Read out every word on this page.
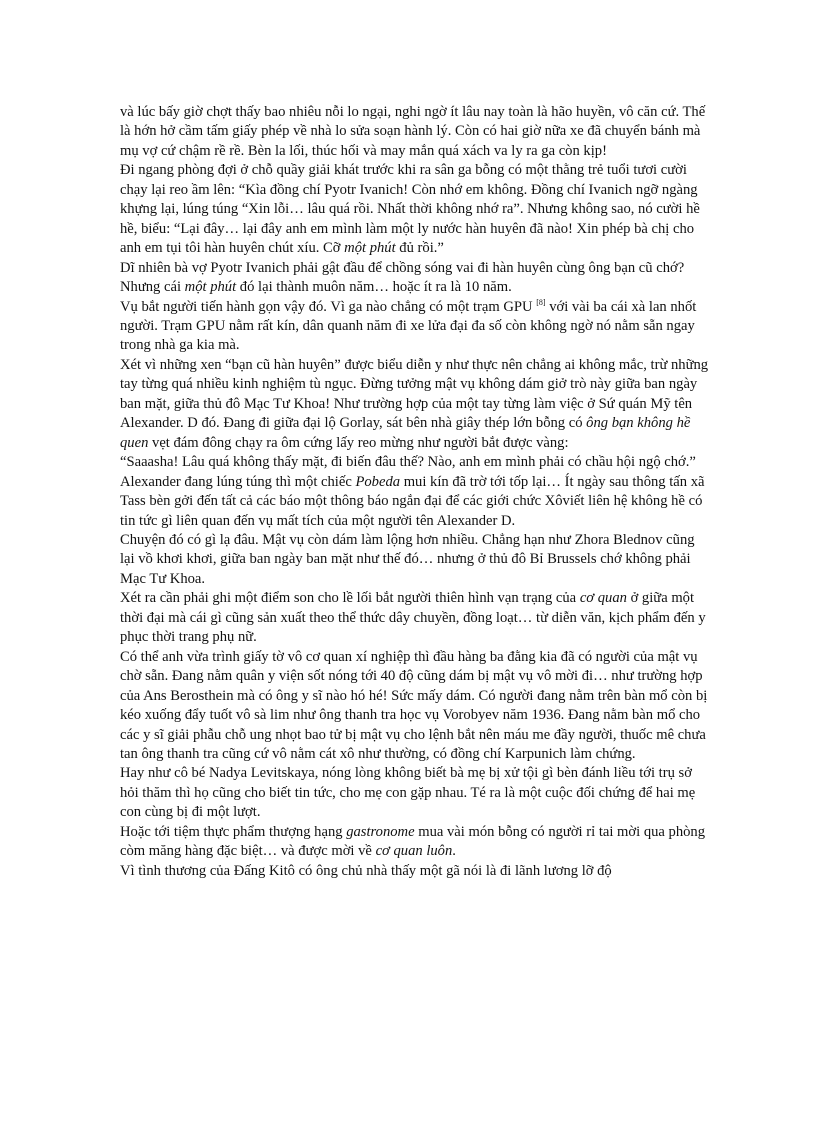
và lúc bấy giờ chợt thấy bao nhiêu nỗi lo ngại, nghi ngờ ít lâu nay toàn là hão huyền, vô căn cứ. Thế là hớn hở cầm tấm giấy phép về nhà lo sửa soạn hành lý. Còn có hai giờ nữa xe đã chuyển bánh mà mụ vợ cứ chậm rề rề. Bèn la lối, thúc hối và may mắn quá xách va ly ra ga còn kịp!

Đi ngang phòng đợi ở chỗ quầy giải khát trước khi ra sân ga bỗng có một thằng trẻ tuổi tươi cười chạy lại reo ầm lên: “Kìa đồng chí Pyotr Ivanich! Còn nhớ em không. Đồng chí Ivanich ngỡ ngàng khựng lại, lúng túng “Xin lỗi… lâu quá rồi. Nhất thời không nhớ ra”. Nhưng không sao, nó cười hề hề, biểu: “Lại đây… lại đây anh em mình làm một ly nước hàn huyên đã nào! Xin phép bà chị cho anh em tụi tôi hàn huyên chút xíu. Cỡ một phút đủ rồi.”

Dĩ nhiên bà vợ Pyotr Ivanich phải gật đầu để chồng sóng vai đi hàn huyên cùng ông bạn cũ chớ? Nhưng cái một phút đó lại thành muôn năm… hoặc ít ra là 10 năm.

Vụ bắt người tiến hành gọn vậy đó. Vì ga nào chẳng có một trạm GPU [8] với vài ba cái xà lan nhốt người. Trạm GPU nằm rất kín, dân quanh năm đi xe lửa đại đa số còn không ngờ nó nằm sẵn ngay trong nhà ga kia mà.

Xét vì những xen “bạn cũ hàn huyên” được biểu diễn y như thực nên chẳng ai không mắc, trừ những tay từng quá nhiều kinh nghiệm tù ngục. Đừng tưởng mật vụ không dám giở trò này giữa ban ngày ban mặt, giữa thủ đô Mạc Tư Khoa! Như trường hợp của một tay từng làm việc ở Sứ quán Mỹ tên Alexander. D đó. Đang đi giữa đại lộ Gorlay, sát bên nhà giây thép lớn bỗng có ông bạn không hề quen vẹt đám đông chạy ra ôm cứng lấy reo mừng như người bắt được vàng:

“Saaasha! Lâu quá không thấy mặt, đi biến đâu thế? Nào, anh em mình phải có chầu hội ngộ chớ.”

Alexander đang lúng túng thì một chiếc Pobeda mui kín đã trờ tới tốp lại… Ít ngày sau thông tấn xã Tass bèn gởi đến tất cả các báo một thông báo ngắn đại để các giới chức Xôviết liên hệ không hề có tin tức gì liên quan đến vụ mất tích của một người tên Alexander D.

Chuyện đó có gì lạ đâu. Mật vụ còn dám làm lộng hơn nhiều. Chẳng hạn như Zhora Blednov cũng lại vồ khơi khơi, giữa ban ngày ban mặt như thế đó… nhưng ở thủ đô Bỉ Brussels chớ không phải Mạc Tư Khoa.

Xét ra cần phải ghi một điểm son cho lề lối bắt người thiên hình vạn trạng của cơ quan ở giữa một thời đại mà cái gì cũng sản xuất theo thể thức dây chuyền, đồng loạt… từ diễn văn, kịch phẩm đến y phục thời trang phụ nữ.

Có thể anh vừa trình giấy tờ vô cơ quan xí nghiệp thì đầu hàng ba đằng kia đã có người của mật vụ chờ sẵn. Đang nằm quân y viện sốt nóng tới 40 độ cũng dám bị mật vụ vô mời đi… như trường hợp của Ans Berosthein mà có ông y sĩ nào hó hé! Sức mấy dám. Có người đang nằm trên bàn mổ còn bị kéo xuống đẩy tuốt vô sà lim như ông thanh tra học vụ Vorobyev năm 1936. Đang nằm bàn mổ cho các y sĩ giải phẫu chỗ ung nhọt bao tử bị mật vụ cho lệnh bắt nên máu me đầy người, thuốc mê chưa tan ông thanh tra cũng cứ vô nằm cát xô như thường, có đồng chí Karpunich làm chứng.

Hay như cô bé Nadya Levitskaya, nóng lòng không biết bà mẹ bị xử tội gì bèn đánh liều tới trụ sở hỏi thăm thì họ cũng cho biết tin tức, cho mẹ con gặp nhau. Té ra là một cuộc đối chứng để hai mẹ con cùng bị đi một lượt.

Hoặc tới tiệm thực phẩm thượng hạng gastronome mua vài món bỗng có người rỉ tai mời qua phòng còm măng hàng đặc biệt… và được mời về cơ quan luôn.

Vì tình thương của Đấng Kitô có ông chủ nhà thấy một gã nói là đi lãnh lương lỡ độ
